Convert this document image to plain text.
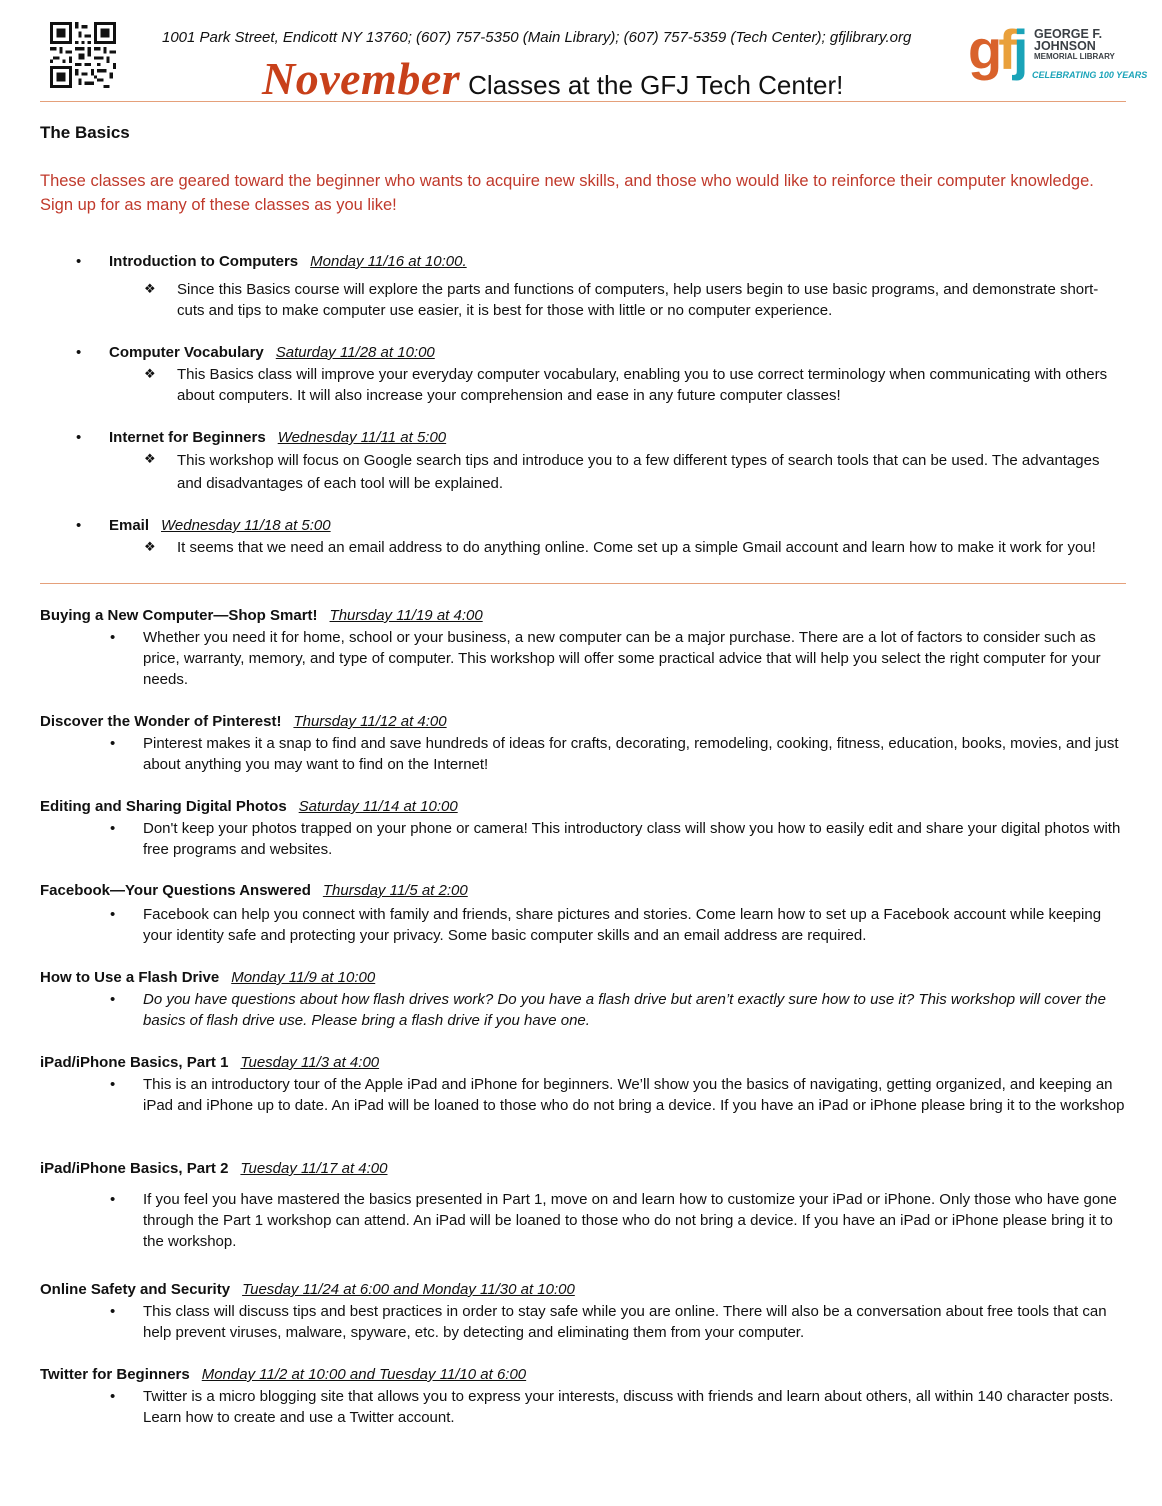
1001 Park Street, Endicott NY 13760; (607) 757-5350 (Main Library); (607) 757-5359 (Tech Center); gfjlibrary.org
November Classes at the GFJ Tech Center!
gfj GEORGE F.
JOHNSON
MEMORIAL LIBRARY
CELEBRATING 100 YEARS
The Basics
These classes are geared toward the beginner who wants to acquire new skills, and those who would like to reinforce their computer knowledge. Sign up for as many of these classes as you like!
• Introduction to Computers Monday 11/16 at 10:00.
❖ Since this Basics course will explore the parts and functions of computers, help users begin to use basic programs, and demonstrate short-cuts and tips to make computer use easier, it is best for those with little or no computer experience.
• Computer Vocabulary Saturday 11/28 at 10:00
❖ This Basics class will improve your everyday computer vocabulary, enabling you to use correct terminology when communicating with others about computers. It will also increase your comprehension and ease in any future computer classes!
• Internet for Beginners Wednesday 11/11 at 5:00
❖ This workshop will focus on Google search tips and introduce you to a few different types of search tools that can be used. The advantages and disadvantages of each tool will be explained.
• Email Wednesday 11/18 at 5:00
❖ It seems that we need an email address to do anything online. Come set up a simple Gmail account and learn how to make it work for you!
Buying a New Computer—Shop Smart! Thursday 11/19 at 4:00
• Whether you need it for home, school or your business, a new computer can be a major purchase. There are a lot of factors to consider such as price, warranty, memory, and type of computer. This workshop will offer some practical advice that will help you select the right computer for your needs.
Discover the Wonder of Pinterest! Thursday 11/12 at 4:00
• Pinterest makes it a snap to find and save hundreds of ideas for crafts, decorating, remodeling, cooking, fitness, education, books, movies, and just about anything you may want to find on the Internet!
Editing and Sharing Digital Photos Saturday 11/14 at 10:00
• Don't keep your photos trapped on your phone or camera! This introductory class will show you how to easily edit and share your digital photos with free programs and websites.
Facebook—Your Questions Answered Thursday 11/5 at 2:00
• Facebook can help you connect with family and friends, share pictures and stories. Come learn how to set up a Facebook account while keeping your identity safe and protecting your privacy. Some basic computer skills and an email address are required.
How to Use a Flash Drive Monday 11/9 at 10:00
• Do you have questions about how flash drives work? Do you have a flash drive but aren’t exactly sure how to use it? This workshop will cover the basics of flash drive use. Please bring a flash drive if you have one.
iPad/iPhone Basics, Part 1 Tuesday 11/3 at 4:00
• This is an introductory tour of the Apple iPad and iPhone for beginners. We’ll show you the basics of navigating, getting organized, and keeping an iPad and iPhone up to date. An iPad will be loaned to those who do not bring a device. If you have an iPad or iPhone please bring it to the workshop
iPad/iPhone Basics, Part 2 Tuesday 11/17 at 4:00
• If you feel you have mastered the basics presented in Part 1, move on and learn how to customize your iPad or iPhone. Only those who have gone through the Part 1 workshop can attend. An iPad will be loaned to those who do not bring a device. If you have an iPad or iPhone please bring it to the workshop.
Online Safety and Security Tuesday 11/24 at 6:00 and Monday 11/30 at 10:00
• This class will discuss tips and best practices in order to stay safe while you are online. There will also be a conversation about free tools that can help prevent viruses, malware, spyware, etc. by detecting and eliminating them from your computer.
Twitter for Beginners Monday 11/2 at 10:00 and Tuesday 11/10 at 6:00
• Twitter is a micro blogging site that allows you to express your interests, discuss with friends and learn about others, all within 140 character posts. Learn how to create and use a Twitter account.
